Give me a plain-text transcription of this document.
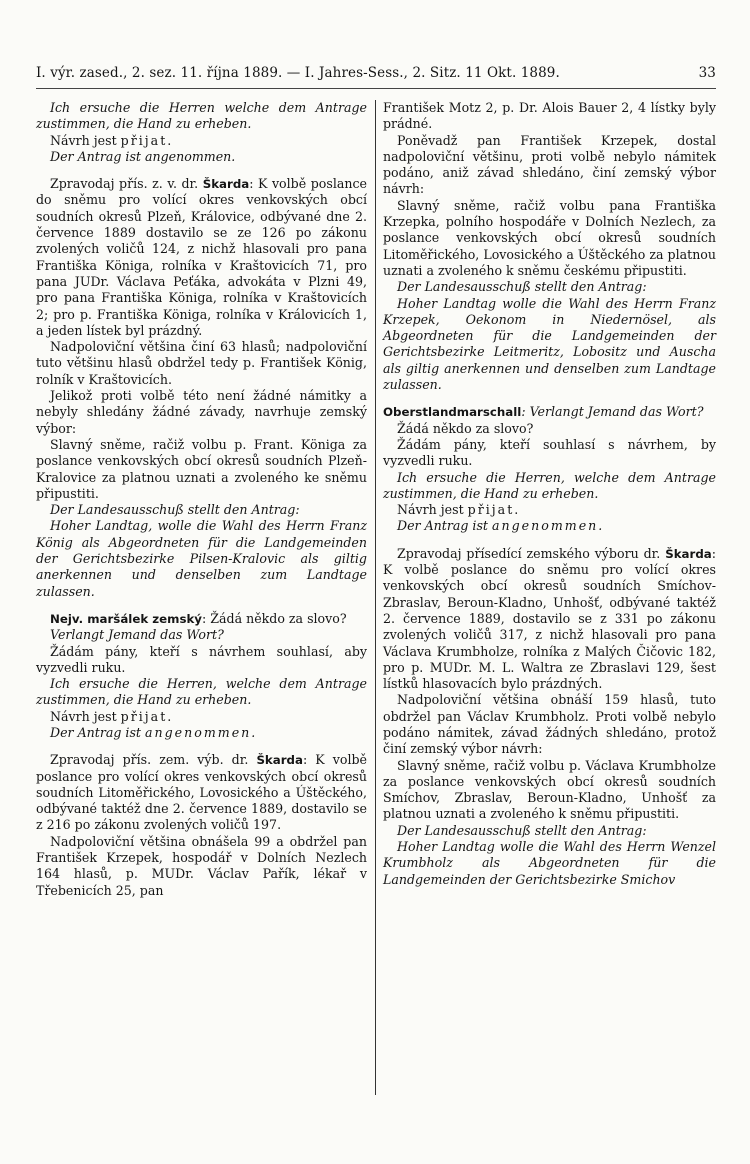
I. výr. zased., 2. sez. 11. října 1889. — I. Jahres-Sess., 2. Sitz. 11 Okt. 1889.	33

Ich ersuche die Herren welche dem Antrage zustimmen, die Hand zu erheben.

Návrh jest přijat.

Der Antrag ist angenommen.

Zpravodaj přís. z. v. dr. Škarda: K volbě poslance do sněmu pro volící okres venkovských obcí soudních okresů Plzeň, Královice, odbývané dne 2. července 1889 dostavilo se ze 126 po zákonu zvolených voličů 124, z nichž hlasovali pro pana Františka Königa, rolníka v Kraštovicích 71, pro pana JUDr. Václava Peťáka, advokáta v Plzni 49, pro pana Františka Königa, rolníka v Kraštovicích 2; pro p. Františka Königa, rolníka v Královicích 1, a jeden lístek byl prázdný.

Nadpoloviční většina činí 63 hlasů; nadpoloviční tuto většinu hlasů obdržel tedy p. František König, rolník v Kraštovicích.

Jelikož proti volbě této není žádné námitky a nebyly shledány žádné závady, navrhuje zemský výbor:

Slavný sněme, račiž volbu p. Frant. Königa za poslance venkovských obcí okresů soudních Plzeň-Kralovice za platnou uznati a zvoleného ke sněmu připustiti.

Der Landesausschuß stellt den Antrag:

Hoher Landtag, wolle die Wahl des Herrn Franz König als Abgeordneten für die Landgemeinden der Gerichtsbezirke Pilsen-Kralovic als giltig anerkennen und denselben zum Landtage zulassen.

Nejv. maršálek zemský: Žádá někdo za slovo?

Verlangt Jemand das Wort?

Žádám pány, kteří s návrhem souhlasí, aby vyzvedli ruku.

Ich ersuche die Herren, welche dem Antrage zustimmen, die Hand zu erheben.

Návrh jest přijat.

Der Antrag ist angenommen.

Zpravodaj přís. zem. výb. dr. Škarda: K volbě poslance pro volící okres venkovských obcí okresů soudních Litoměřického, Lovosického a Úštěckého, odbývané taktéž dne 2. července 1889, dostavilo se z 216 po zákonu zvolených voličů 197.

Nadpoloviční většina obnášela 99 a obdržel pan František Krzepek, hospodář v Dolních Nezlech 164 hlasů, p. MUDr. Václav Pařík, lékař v Třebenicích 25, pan

František Motz 2, p. Dr. Alois Bauer 2, 4 lístky byly prádné.

Poněvadž pan František Krzepek, dostal nadpoloviční většinu, proti volbě nebylo námitek podáno, aniž závad shledáno, činí zemský výbor návrh:

Slavný sněme, račiž volbu pana Františka Krzepka, polního hospodáře v Dolních Nezlech, za poslance venkovských obcí okresů soudních Litoměřického, Lovosického a Úštěckého za platnou uznati a zvoleného k sněmu českému připustiti.

Der Landesausschuß stellt den Antrag:

Hoher Landtag wolle die Wahl des Herrn Franz Krzepek, Oekonom in Niedernösel, als Abgeordneten für die Landgemeinden der Gerichtsbezirke Leitmeritz, Lobositz und Auscha als giltig anerkennen und denselben zum Landtage zulassen.

Oberstlandmarschall: Verlangt Jemand das Wort?

Žádá někdo za slovo?

Žádám pány, kteří souhlasí s návrhem, by vyzvedli ruku.

Ich ersuche die Herren, welche dem Antrage zustimmen, die Hand zu erheben.

Návrh jest přijat.

Der Antrag ist angenommen.

Zpravodaj přísedící zemského výboru dr. Škarda: K volbě poslance do sněmu pro volící okres venkovských obcí okresů soudních Smíchov-Zbraslav, Beroun-Kladno, Unhošť, odbývané taktéž 2. července 1889, dostavilo se z 331 po zákonu zvolených voličů 317, z nichž hlasovali pro pana Václava Krumbholze, rolníka z Malých Čičovic 182, pro p. MUDr. M. L. Waltra ze Zbraslavi 129, šest lístků hlasovacích bylo prázdných.

Nadpoloviční většina obnáší 159 hlasů, tuto obdržel pan Václav Krumbholz. Proti volbě nebylo podáno námitek, závad žádných shledáno, protož činí zemský výbor návrh:

Slavný sněme, račiž volbu p. Václava Krumbholze za poslance venkovských obcí okresů soudních Smíchov, Zbraslav, Beroun-Kladno, Unhošť za platnou uznati a zvoleného k sněmu připustiti.

Der Landesausschuß stellt den Antrag:

Hoher Landtag wolle die Wahl des Herrn Wenzel Krumbholz als Abgeordneten für die Landgemeinden der Gerichtsbezirke Smichov
